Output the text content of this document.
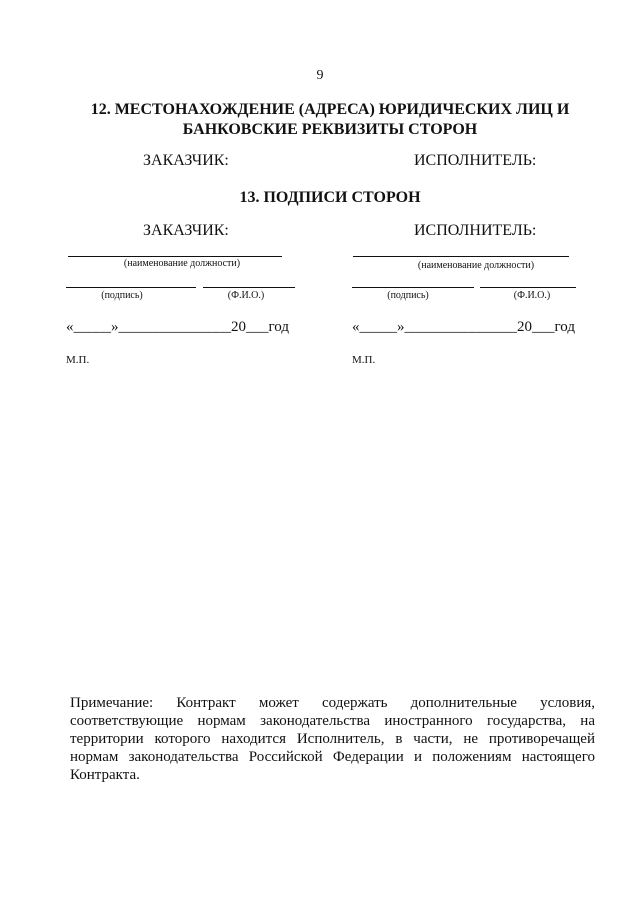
9
12. МЕСТОНАХОЖДЕНИЕ (АДРЕСА) ЮРИДИЧЕСКИХ ЛИЦ И
БАНКОВСКИЕ РЕКВИЗИТЫ СТОРОН
ЗАКАЗЧИК:	ИСПОЛНИТЕЛЬ:
13. ПОДПИСИ СТОРОН
ЗАКАЗЧИК:	ИСПОЛНИТЕЛЬ:
(наименование должности)
(подпись)	(Ф.И.О.)
«_____»_______________20___год
М.П.
(наименование должности)
(подпись)	(Ф.И.О.)
«_____»_______________20___год
М.П.
Примечание: Контракт может содержать дополнительные условия, соответствующие нормам законодательства иностранного государства, на территории которого находится Исполнитель, в части, не противоречащей нормам законодательства Российской Федерации и положениям настоящего Контракта.
